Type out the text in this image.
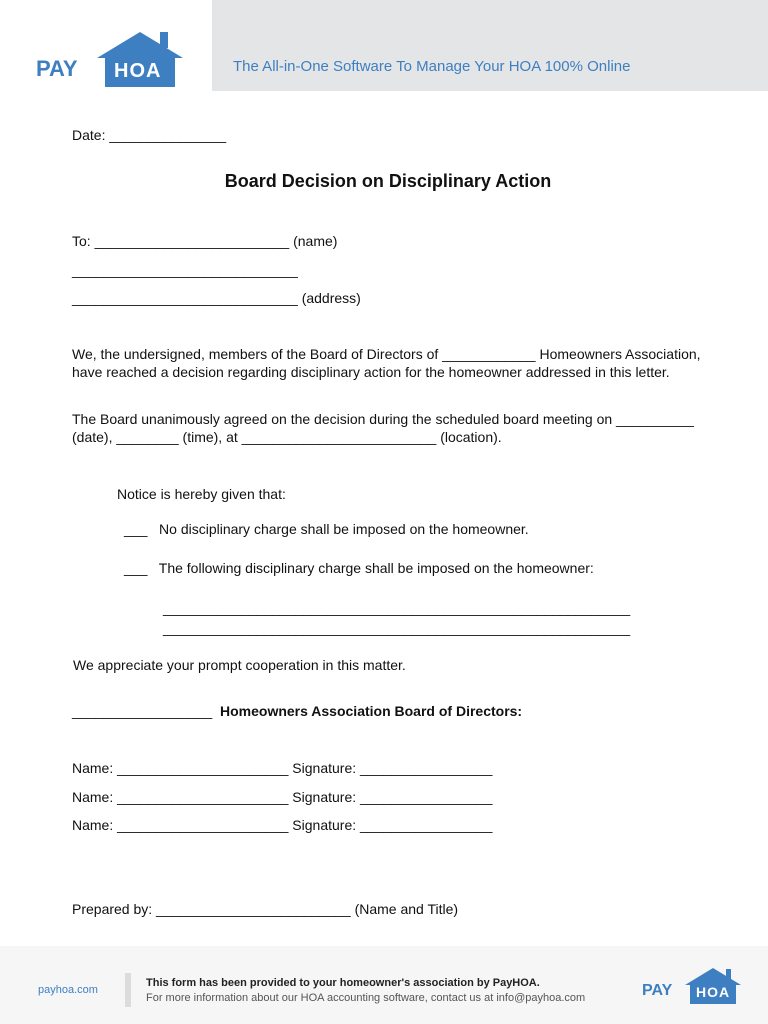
PAY HOA	The All-in-One Software To Manage Your HOA 100% Online
Date: _______________
Board Decision on Disciplinary Action
To: _________________________ (name)
_____________________________
_____________________________ (address)
We, the undersigned, members of the Board of Directors of ____________ Homeowners Association, have reached a decision regarding disciplinary action for the homeowner addressed in this letter.
The Board unanimously agreed on the decision during the scheduled board meeting on __________ (date), ________ (time), at _________________________ (location).
Notice is hereby given that:
___   No disciplinary charge shall be imposed on the homeowner.
___   The following disciplinary charge shall be imposed on the homeowner:
____________________________________________________________
____________________________________________________________
We appreciate your prompt cooperation in this matter.
__________________ Homeowners Association Board of Directors:
Name: ______________________ Signature: _________________
Name: ______________________ Signature: _________________
Name: ______________________ Signature: _________________
Prepared by: _________________________ (Name and Title)
payhoa.com
This form has been provided to your homeowner's association by PayHOA.
For more information about our HOA accounting software, contact us at info@payhoa.com	PAY HOA
